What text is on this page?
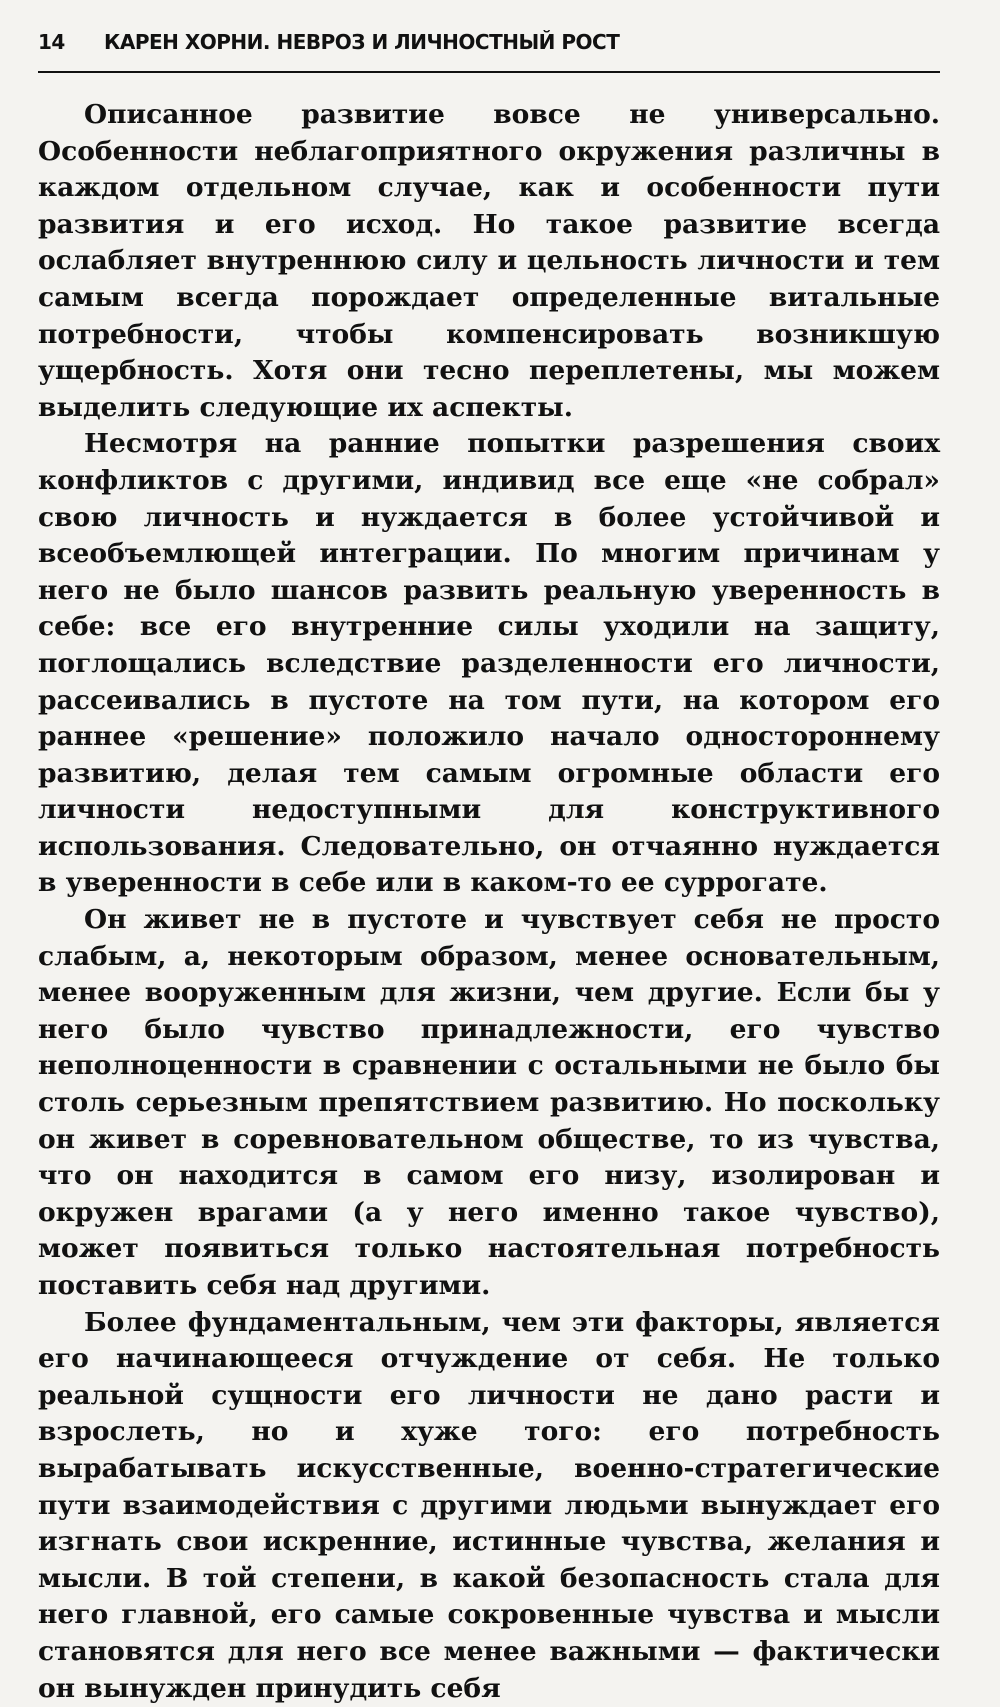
14	КАРЕН ХОРНИ. НЕВРОЗ И ЛИЧНОСТНЫЙ РОСТ

Описанное развитие вовсе не универсально. Особенности неблагоприятного окружения различны в каждом отдельном случае, как и особенности пути развития и его исход. Но такое развитие всегда ослабляет внутреннюю силу и цельность личности и тем самым всегда порождает определенные витальные потребности, чтобы компенсировать возникшую ущербность. Хотя они тесно переплетены, мы можем выделить следующие их аспекты.

Несмотря на ранние попытки разрешения своих конфликтов с другими, индивид все еще «не собрал» свою личность и нуждается в более устойчивой и всеобъемлющей интеграции. По многим причинам у него не было шансов развить реальную уверенность в себе: все его внутренние силы уходили на защиту, поглощались вследствие разделенности его личности, рассеивались в пустоте на том пути, на котором его раннее «решение» положило начало одностороннему развитию, делая тем самым огромные области его личности недоступными для конструктивного использования. Следовательно, он отчаянно нуждается в уверенности в себе или в каком-то ее суррогате.

Он живет не в пустоте и чувствует себя не просто слабым, а, некоторым образом, менее основательным, менее вооруженным для жизни, чем другие. Если бы у него было чувство принадлежности, его чувство неполноценности в сравнении с остальными не было бы столь серьезным препятствием развитию. Но поскольку он живет в соревновательном обществе, то из чувства, что он находится в самом его низу, изолирован и окружен врагами (а у него именно такое чувство), может появиться только настоятельная потребность поставить себя над другими.

Более фундаментальным, чем эти факторы, является его начинающееся отчуждение от себя. Не только реальной сущности его личности не дано расти и взрослеть, но и хуже того: его потребность вырабатывать искусственные, военно-стратегические пути взаимодействия с другими людьми вынуждает его изгнать свои искренние, истинные чувства, желания и мысли. В той степени, в какой безопасность стала для него главной, его самые сокровенные чувства и мысли становятся для него все менее важными — фактически он вынужден принудить себя
